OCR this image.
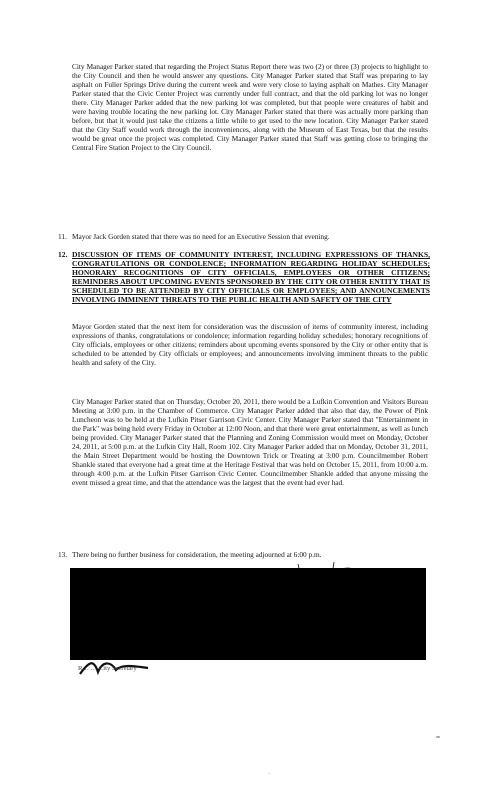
City Manager Parker stated that regarding the Project Status Report there was two (2) or three (3) projects to highlight to the City Council and then he would answer any questions. City Manager Parker stated that Staff was preparing to lay asphalt on Fuller Springs Drive during the current week and were very close to laying asphalt on Mathes. City Manager Parker stated that the Civic Center Project was currently under full contract, and that the old parking lot was no longer there. City Manager Parker added that the new parking lot was completed, but that people were creatures of habit and were having trouble locating the new parking lot. City Manager Parker stated that there was actually more parking than before, but that it would just take the citizens a little while to get used to the new location. City Manager Parker stated that the City Staff would work through the inconveniences, along with the Museum of East Texas, but that the results would be great once the project was completed. City Manager Parker stated that Staff was getting close to bringing the Central Fire Station Project to the City Council.

11. Mayor Jack Gorden stated that there was no need for an Executive Session that evening.

12. DISCUSSION OF ITEMS OF COMMUNITY INTEREST, INCLUDING EXPRESSIONS OF THANKS, CONGRATULATIONS OR CONDOLENCE; INFORMATION REGARDING HOLIDAY SCHEDULES; HONORARY RECOGNITIONS OF CITY OFFICIALS, EMPLOYEES OR OTHER CITIZENS; REMINDERS ABOUT UPCOMING EVENTS SPONSORED BY THE CITY OR OTHER ENTITY THAT IS SCHEDULED TO BE ATTENDED BY CITY OFFICIALS OR EMPLOYEES; AND ANNOUNCEMENTS INVOLVING IMMINENT THREATS TO THE PUBLIC HEALTH AND SAFETY OF THE CITY

Mayor Gorden stated that the next item for consideration was the discussion of items of community interest, including expressions of thanks, congratulations or condolence; information regarding holiday schedules; honorary recognitions of City officials, employees or other citizens; reminders about upcoming events sponsored by the City or other entity that is scheduled to be attended by City officials or employees; and announcements involving imminent threats to the public health and safety of the City.

City Manager Parker stated that on Thursday, October 20, 2011, there would be a Lufkin Convention and Visitors Bureau Meeting at 3:00 p.m. in the Chamber of Commerce. City Manager Parker added that also that day, the Power of Pink Luncheon was to be held at the Lufkin Pitser Garrison Civic Center. City Manager Parker stated that "Entertainment in the Park" was being held every Friday in October at 12:00 Noon, and that there were great entertainment, as well as lunch being provided. City Manager Parker stated that the Planning and Zoning Commission would meet on Monday, October 24, 2011, at 5:00 p.m. at the Lufkin City Hall, Room 102. City Manager Parker added that on Monday, October 31, 2011, the Main Street Department would be hosting the Downtown Trick or Treating at 3:00 p.m. Councilmember Robert Shankle stated that everyone had a great time at the Heritage Festival that was held on October 15, 2011, from 10:00 a.m. through 4:00 p.m. at the Lufkin Pitser Garrison Civic Center. Councilmember Shankle added that anyone missing the event missed a great time, and that the attendance was the largest that the event had ever had.

13. There being no further business for consideration, the meeting adjourned at 6:00 p.m.

R… … City Secretary
·
